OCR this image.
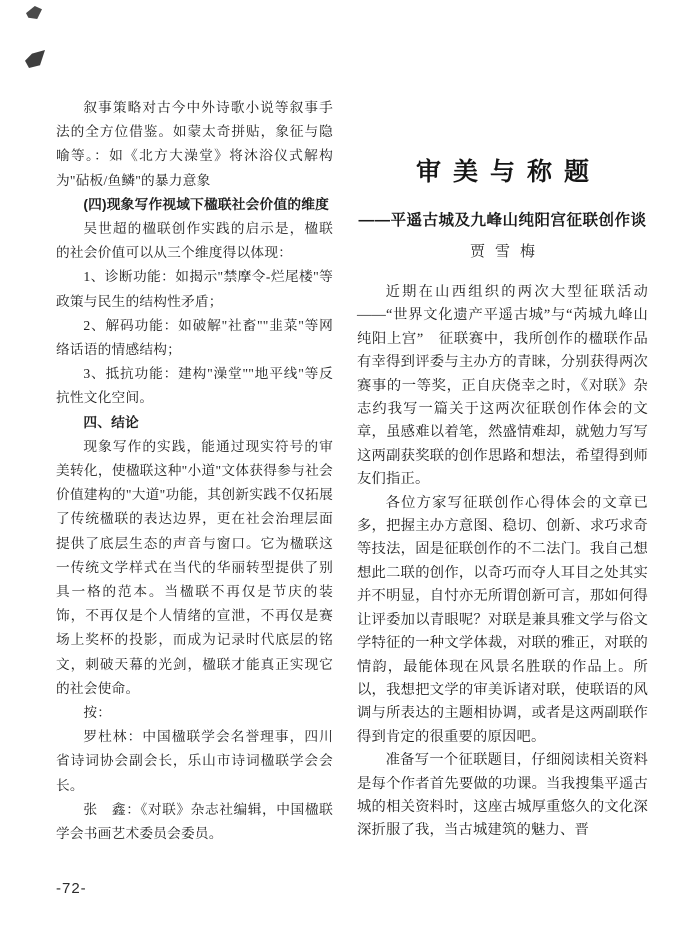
叙事策略对古今中外诗歌小说等叙事手法的全方位借鉴。如蒙太奇拼贴，象征与隐喻等。：如《北方大澡堂》将沐浴仪式解构为"砧板/鱼鳞"的暴力意象

(四)现象写作视域下楹联社会价值的维度

吴世超的楹联创作实践的启示是，楹联的社会价值可以从三个维度得以体现：

1、诊断功能：如揭示"禁摩令-烂尾楼"等政策与民生的结构性矛盾；

2、解码功能：如破解"社畜""韭菜"等网络话语的情感结构；

3、抵抗功能：建构"澡堂""地平线"等反抗性文化空间。

四、结论

现象写作的实践，能通过现实符号的审美转化，使楹联这种"小道"文体获得参与社会价值建构的"大道"功能，其创新实践不仅拓展了传统楹联的表达边界，更在社会治理层面提供了底层生态的声音与窗口。它为楹联这一传统文学样式在当代的华丽转型提供了别具一格的范本。当楹联不再仅是节庆的装饰，不再仅是个人情绪的宣泄，不再仅是赛场上奖杯的投影，而成为记录时代底层的铭文，刺破天幕的光剑，楹联才能真正实现它的社会使命。

按：

罗杜林：中国楹联学会名誉理事，四川省诗词协会副会长，乐山市诗词楹联学会会长。

张　鑫：《对联》杂志社编辑，中国楹联学会书画艺术委员会委员。

审美与称题
——平遥古城及九峰山纯阳宫征联创作谈
贾雪梅

近期在山西组织的两次大型征联活动——“世界文化遗产平遥古城”与“芮城九峰山纯阳上宫”　征联赛中，我所创作的楹联作品有幸得到评委与主办方的青睐，分别获得两次赛事的一等奖，正自庆侥幸之时，《对联》杂志约我写一篇关于这两次征联创作体会的文章，虽感难以着笔，然盛情难却，就勉力写写这两副获奖联的创作思路和想法，希望得到师友们指正。

各位方家写征联创作心得体会的文章已多，把握主办方意图、稳切、创新、求巧求奇等技法，固是征联创作的不二法门。我自己想想此二联的创作，以奇巧而夺人耳目之处其实并不明显，自忖亦无所谓创新可言，那如何得让评委加以青眼呢？对联是兼具雅文学与俗文学特征的一种文学体裁，对联的雅正，对联的情韵，最能体现在风景名胜联的作品上。所以，我想把文学的审美诉诸对联，使联语的风调与所表达的主题相协调，或者是这两副联作得到肯定的很重要的原因吧。

准备写一个征联题目，仔细阅读相关资料是每个作者首先要做的功课。当我搜集平遥古城的相关资料时，这座古城厚重悠久的文化深深折服了我，当古城建筑的魅力、晋

-72-
